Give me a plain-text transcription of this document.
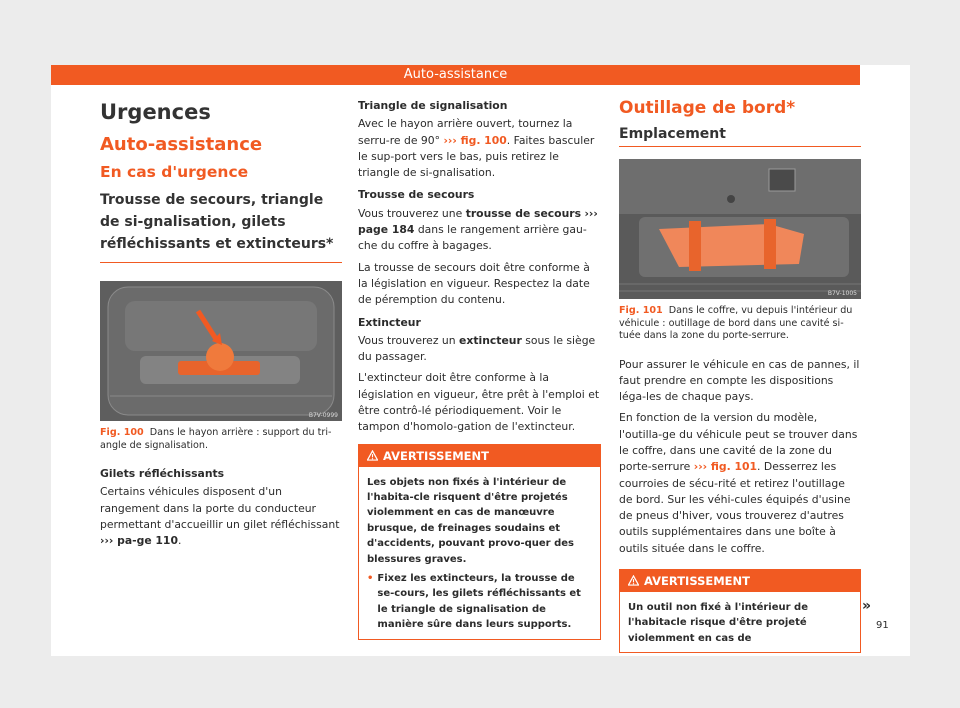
Auto-assistance
Urgences
Auto-assistance
En cas d'urgence
Trousse de secours, triangle de si-gnalisation, gilets réfléchissants et extincteurs*
B7V-0999
Fig. 100 Dans le hayon arrière : support du tri-angle de signalisation.
Gilets réfléchissants

Certains véhicules disposent d'un rangement dans la porte du conducteur permettant d'accueillir un gilet réfléchissant ››› pa-ge 110.

Triangle de signalisation

Avec le hayon arrière ouvert, tournez la serru-re de 90° ››› fig. 100. Faites basculer le sup-port vers le bas, puis retirez le triangle de si-gnalisation.

Trousse de secours

Vous trouverez une trousse de secours ››› page 184 dans le rangement arrière gau-che du coffre à bagages.

La trousse de secours doit être conforme à la législation en vigueur. Respectez la date de péremption du contenu.

Extincteur

Vous trouverez un extincteur sous le siège du passager.

L'extincteur doit être conforme à la législation en vigueur, être prêt à l'emploi et être contrô-lé périodiquement. Voir le tampon d'homolo-gation de l'extincteur.

AVERTISSEMENT
Les objets non fixés à l'intérieur de l'habita-cle risquent d'être projetés violemment en cas de manœuvre brusque, de freinages soudains et d'accidents, pouvant provo-quer des blessures graves.
• Fixez les extincteurs, la trousse de se-cours, les gilets réfléchissants et le triangle de signalisation de manière sûre dans leurs supports.
Outillage de bord*
Emplacement
B7V-1005
Fig. 101 Dans le coffre, vu depuis l'intérieur du véhicule : outillage de bord dans une cavité si-tuée dans la zone du porte-serrure.

Pour assurer le véhicule en cas de pannes, il faut prendre en compte les dispositions léga-les de chaque pays.

En fonction de la version du modèle, l'outilla-ge du véhicule peut se trouver dans le coffre, dans une cavité de la zone du porte-serrure ››› fig. 101. Desserrez les courroies de sécu-rité et retirez l'outillage de bord. Sur les véhi-cules équipés d'usine de pneus d'hiver, vous trouverez d'autres outils supplémentaires dans une boîte à outils située dans le coffre.

AVERTISSEMENT
Un outil non fixé à l'intérieur de l'habitacle risque d'être projeté violemment en cas de
»
91
